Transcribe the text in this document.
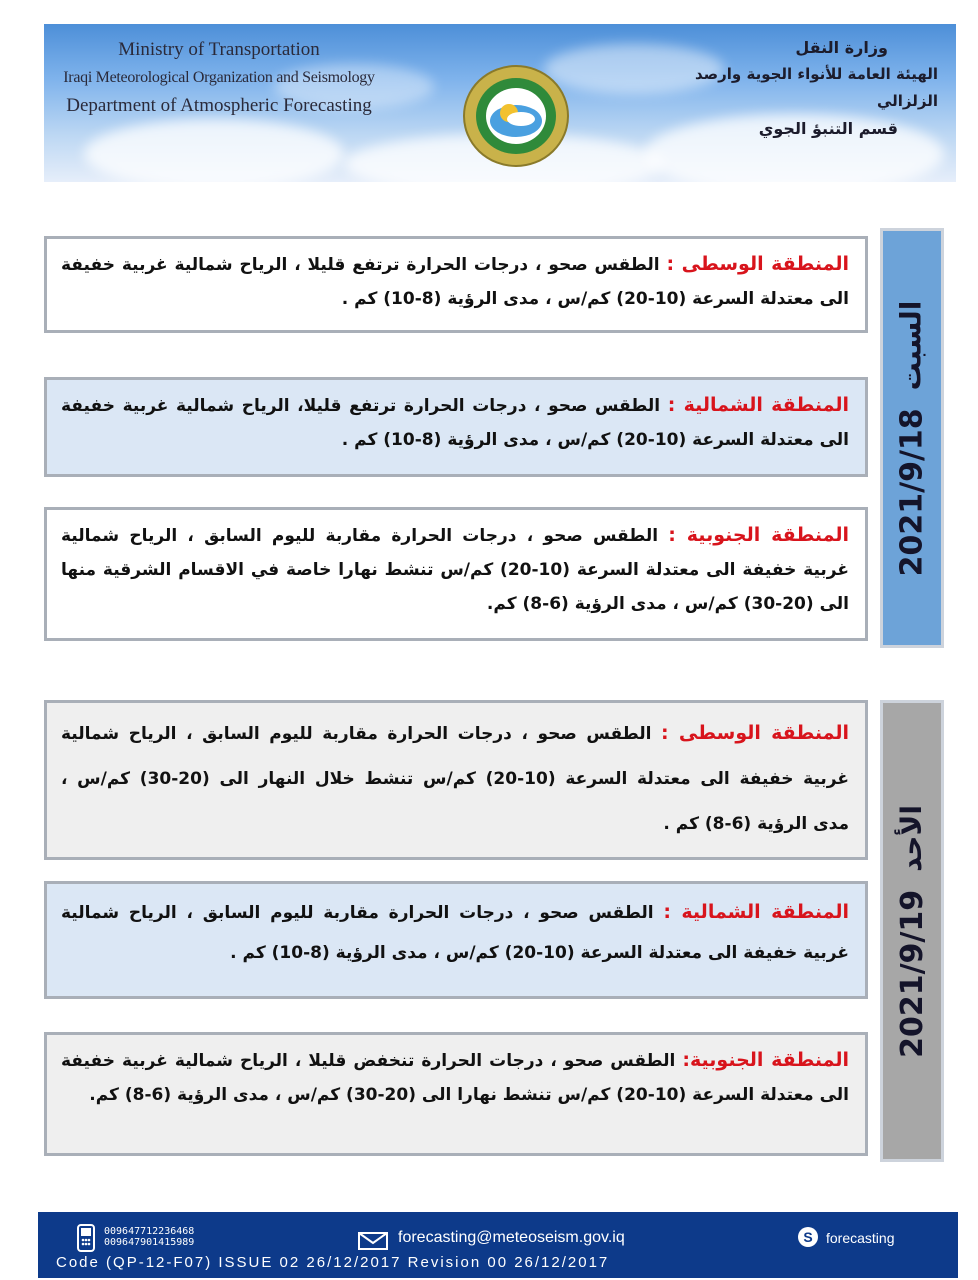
Ministry of Transportation
Iraqi Meteorological Organization and Seismology
Department of Atmospheric Forecasting
وزارة النقل
الهيئة العامة للأنواء الجوية وارصد الزلزالي
قسم التنبؤ الجوي
السبت
2021/9/18
المنطقة الوسطى : الطقس صحو ، درجات الحرارة ترتفع قليلا ، الرياح شمالية غربية خفيفة
الى معتدلة السرعة (10-20) كم/س ، مدى الرؤية (8-10) كم .
المنطقة الشمالية : الطقس صحو ، درجات الحرارة ترتفع قليلا، الرياح شمالية غربية خفيفة
الى معتدلة السرعة (10-20) كم/س ، مدى الرؤية (8-10) كم .
المنطقة الجنوبية : الطقس صحو ، درجات الحرارة مقاربة لليوم السابق ، الرياح شمالية
غربية خفيفة الى معتدلة السرعة (10-20) كم/س تنشط نهارا خاصة في الاقسام الشرقية منها
الى (20-30) كم/س ، مدى الرؤية (6-8) كم.
الأحد
2021/9/19
المنطقة الوسطى : الطقس صحو ، درجات الحرارة مقاربة لليوم السابق ، الرياح شمالية
غربية خفيفة الى معتدلة السرعة (10-20) كم/س تنشط خلال النهار الى (20-30) كم/س ،
مدى الرؤية (6-8) كم .
المنطقة الشمالية : الطقس صحو ، درجات الحرارة مقاربة لليوم السابق ، الرياح شمالية
غربية خفيفة الى معتدلة السرعة (10-20) كم/س ، مدى الرؤية (8-10) كم .
المنطقة الجنوبية: الطقس صحو ، درجات الحرارة تنخفض قليلا ، الرياح شمالية غربية خفيفة
الى معتدلة السرعة (10-20) كم/س تنشط نهارا الى (20-30) كم/س ، مدى الرؤية (6-8) كم.
009647712236468
009647901415989	forecasting@meteoseism.gov.iq	S forecasting
Code (QP-12-F07) ISSUE 02 26/12/2017 Revision 00 26/12/2017
